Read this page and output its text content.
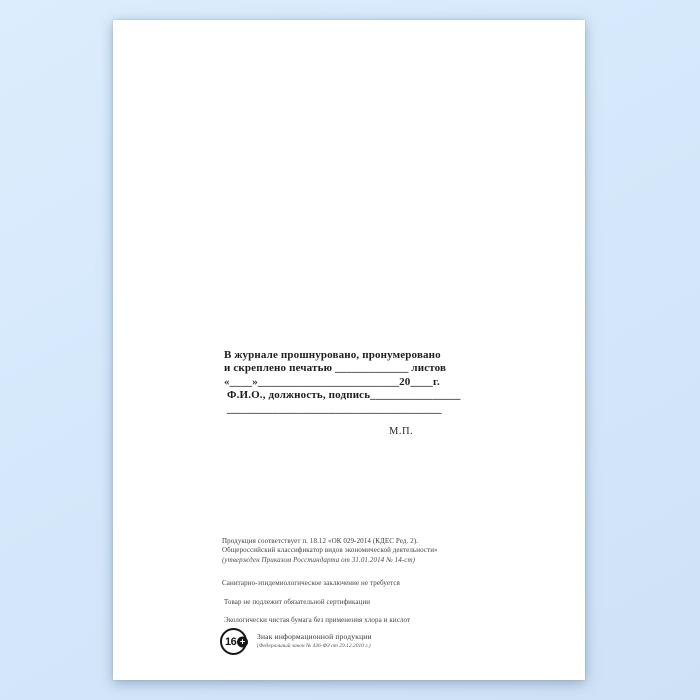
В журнале прошнуровано, пронумеровано
и скреплено печатью _____________ листов
«____»_________________________20____г.
Ф.И.О., должность, подпись________________
______________________________________
М.П.
Продукция соответствует п. 18.12 «ОК 029-2014 (КДЕС Ред. 2).
Общероссийский классификатор видов экономической деятельности»
(утвержден Приказом Росстандарта от 31.01.2014 № 14-ст)
Санитарно-эпидемиологическое заключение не требуется
Товар не подлежит обязательной сертификации
Экологически чистая бумага без применения хлора и кислот
16 +	Знак информационной продукции
(Федеральный закон № 436-ФЗ от 29.12.2010 г.)
